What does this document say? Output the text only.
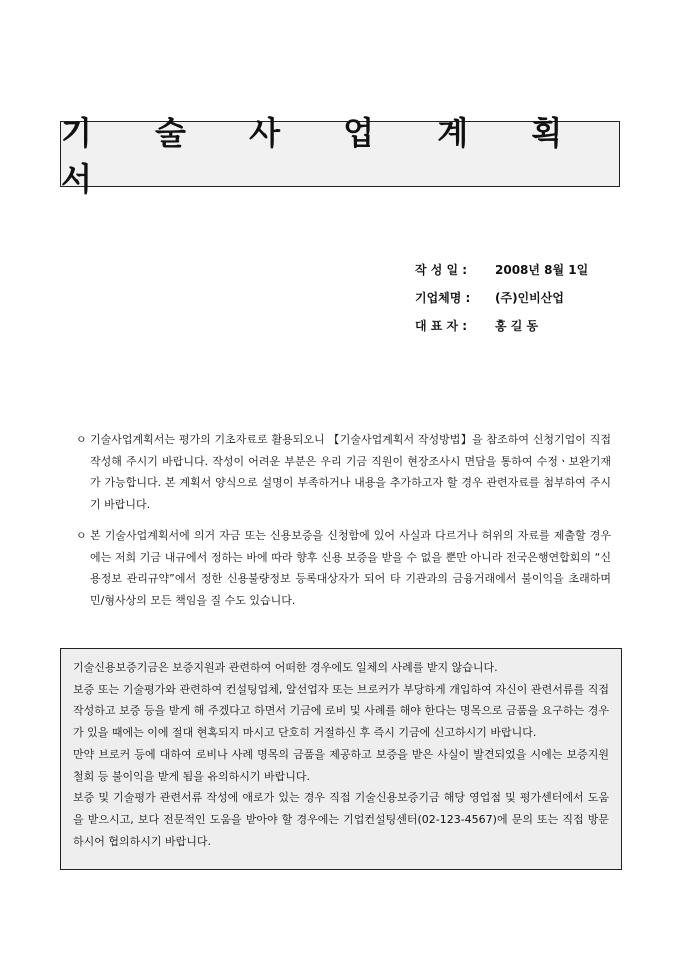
기 술 사 업 계 획 서
작 성 일 :	2008년 8월 1일
기업체명 :	(주)인비산업
대 표 자 :	홍 길 동
ㅇ 기술사업계획서는 평가의 기초자료로 활용되오니 【기술사업계획서 작성방법】을 참조하여 신청기업이 직접 작성해 주시기 바랍니다. 작성이 어려운 부분은 우리 기금 직원이 현장조사시 면담을 통하여 수정ㆍ보완기재가 가능합니다. 본 계획서 양식으로 설명이 부족하거나 내용을 추가하고자 할 경우 관련자료를 첨부하여 주시기 바랍니다.
ㅇ 본 기술사업계획서에 의거 자금 또는 신용보증을 신청함에 있어 사실과 다르거나 허위의 자료를 제출할 경우에는 저희 기금 내규에서 정하는 바에 따라 향후 신용 보증을 받을 수 없을 뿐만 아니라 전국은행연합회의 “신용정보 관리규약”에서 정한 신용불량정보 등록대상자가 되어 타 기관과의 금융거래에서 불이익을 초래하며 민/형사상의 모든 책임을 질 수도 있습니다.

기술신용보증기금은 보증지원과 관련하여 어떠한 경우에도 일체의 사례를 받지 않습니다.

보증 또는 기술평가와 관련하여 컨설팅업체, 알선업자 또는 브로커가 부당하게 개입하여 자신이 관련서류를 직접 작성하고 보증 등을 받게 해 주겠다고 하면서 기금에 로비 및 사례를 해야 한다는 명목으로 금품을 요구하는 경우가 있을 때에는 이에 절대 현혹되지 마시고 단호히 거절하신 후 즉시 기금에 신고하시기 바랍니다.

만약 브로커 등에 대하여 로비나 사례 명목의 금품을 제공하고 보증을 받은 사실이 발견되었을 시에는 보증지원 철회 등 불이익을 받게 됨을 유의하시기 바랍니다.

보증 및 기술평가 관련서류 작성에 애로가 있는 경우 직접 기술신용보증기금 해당 영업점 및 평가센터에서 도움을 받으시고, 보다 전문적인 도움을 받아야 할 경우에는 기업컨설팅센터(02-123-4567)에 문의 또는 직접 방문하시어 협의하시기 바랍니다.
